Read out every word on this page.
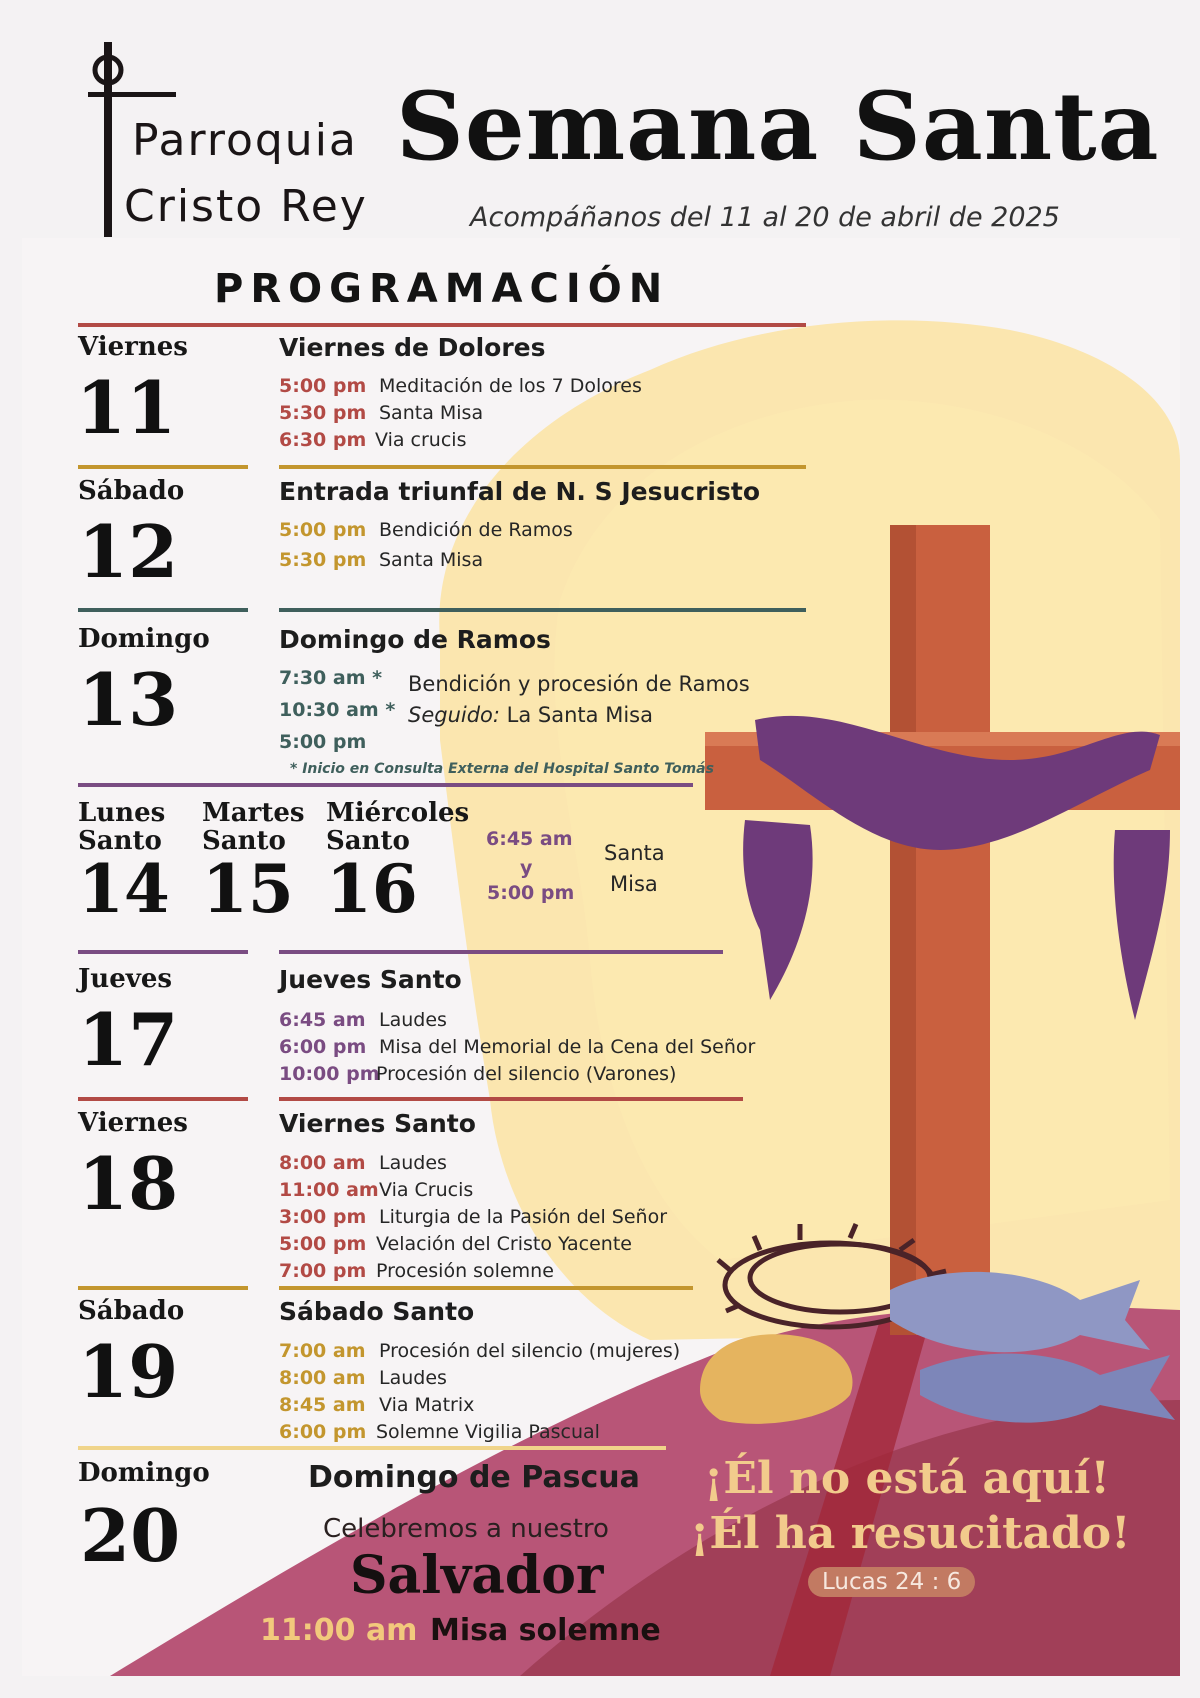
Parroquia
Cristo Rey
Semana Santa
Acompáñanos del 11 al 20 de abril de 2025
PROGRAMACIÓN
Viernes
11
Viernes de Dolores
5:00 pm Meditación de los 7 Dolores
5:30 pm Santa Misa
6:30 pm Via crucis
Sábado
12
Entrada triunfal de N. S Jesucristo
5:00 pm Bendición de Ramos
5:30 pm Santa Misa
Domingo
13
Domingo de Ramos
7:30 am *
10:30 am *
5:00 pm
Bendición y procesión de Ramos
Seguido: La Santa Misa
* Inicio en Consulta Externa del Hospital Santo Tomás
Lunes
Santo
14
Martes
Santo
15
Miércoles
Santo
16
6:45 am
y
5:00 pm
Santa
Misa
Jueves
17
Jueves Santo
6:45 am Laudes
6:00 pm Misa del Memorial de la Cena del Señor
10:00 pm
Procesión del silencio (Varones)
Viernes
18
Viernes Santo
8:00 am Laudes
11:00 am Via Crucis
3:00 pm Liturgia de la Pasión del Señor
5:00 pm Velación del Cristo Yacente
7:00 pm Procesión solemne
Sábado
19
Sábado Santo
7:00 am Procesión del silencio (mujeres)
8:00 am Laudes
8:45 am Via Matrix
6:00 pm Solemne Vigilia Pascual
Domingo
20
Domingo de Pascua
Celebremos a nuestro
Salvador
11:00 am Misa solemne
¡Él no está aquí!
¡Él ha resucitado!
Lucas 24 : 6
